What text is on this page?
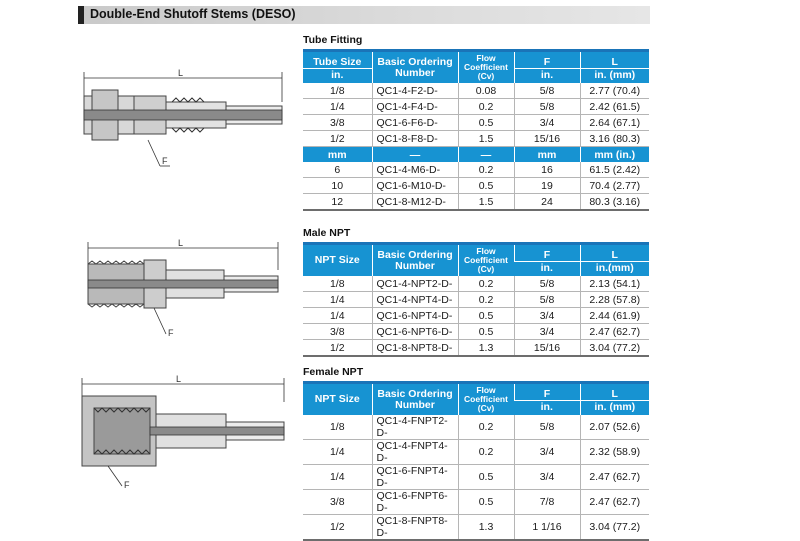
Double-End Shutoff Stems (DESO)
L
F
L
F
L
F
Tube Fitting
Tube Size	Basic Ordering
Number	Flow
Coefficient
(Cv)	F	L
in.			in.	in. (mm)
1/8	QC1-4-F2-D-	0.08	5/8	2.77 (70.4)
1/4	QC1-4-F4-D-	0.2	5/8	2.42 (61.5)
3/8	QC1-6-F6-D-	0.5	3/4	2.64 (67.1)
1/2	QC1-8-F8-D-	1.5	15/16	3.16 (80.3)
mm	—	—	mm	mm (in.)
6	QC1-4-M6-D-	0.2	16	61.5 (2.42)
10	QC1-6-M10-D-	0.5	19	70.4 (2.77)
12	QC1-8-M12-D-	1.5	24	80.3 (3.16)
Male NPT
NPT Size	Basic Ordering
Number	Flow
Coefficient
(Cv)	F	L
			in.	in.(mm)
1/8	QC1-4-NPT2-D-	0.2	5/8	2.13 (54.1)
1/4	QC1-4-NPT4-D-	0.2	5/8	2.28 (57.8)
1/4	QC1-6-NPT4-D-	0.5	3/4	2.44 (61.9)
3/8	QC1-6-NPT6-D-	0.5	3/4	2.47 (62.7)
1/2	QC1-8-NPT8-D-	1.3	15/16	3.04 (77.2)
Female NPT
NPT Size	Basic Ordering
Number	Flow
Coefficient
(Cv)	F	L
			in.	in. (mm)
1/8	QC1-4-FNPT2-D-	0.2	5/8	2.07 (52.6)
1/4	QC1-4-FNPT4-D-	0.2	3/4	2.32 (58.9)
1/4	QC1-6-FNPT4-D-	0.5	3/4	2.47 (62.7)
3/8	QC1-6-FNPT6-D-	0.5	7/8	2.47 (62.7)
1/2	QC1-8-FNPT8-D-	1.3	1 1/16	3.04 (77.2)
